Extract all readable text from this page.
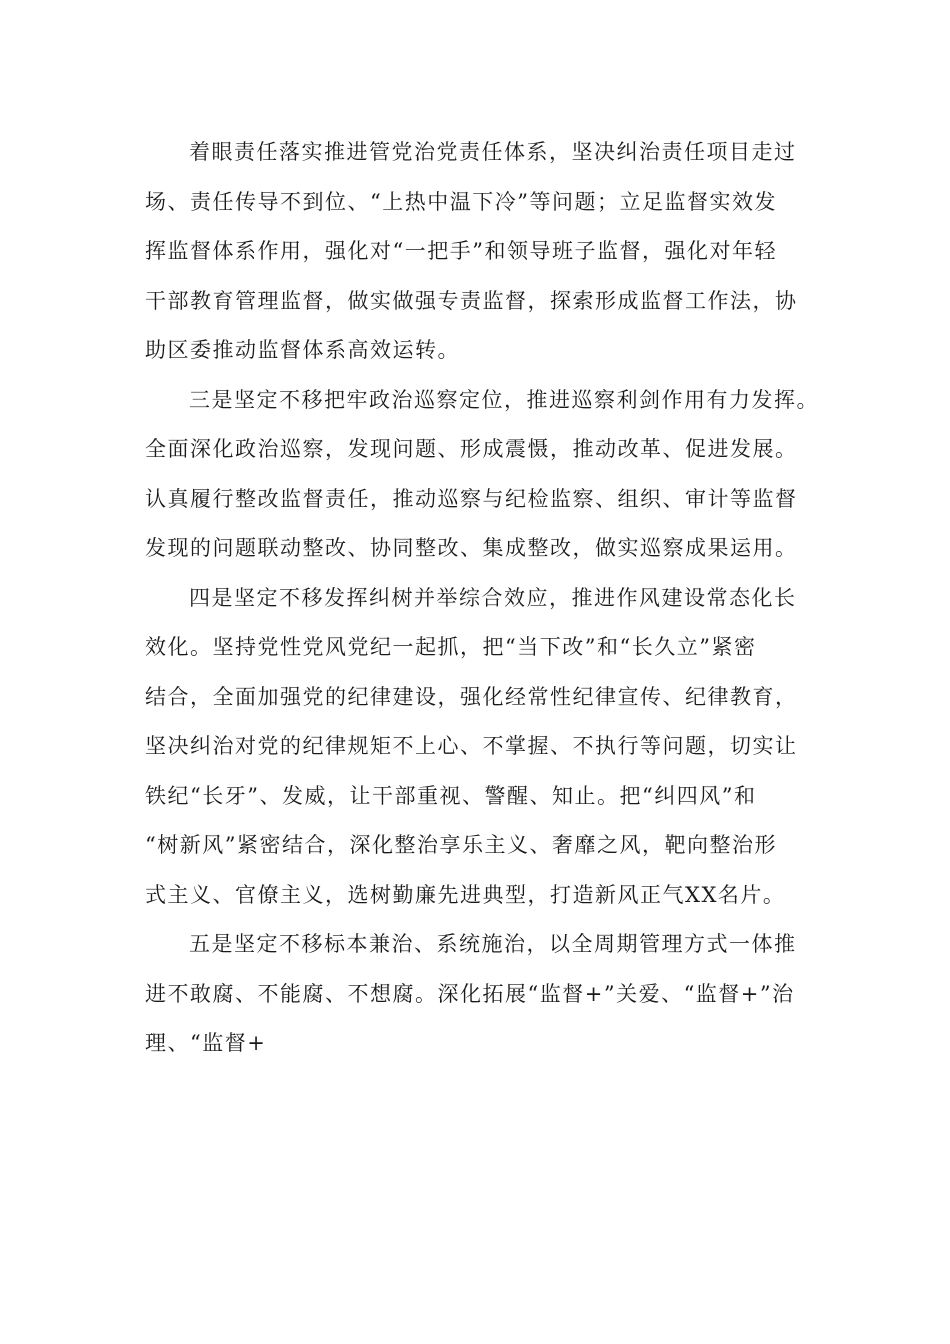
着眼责任落实推进管党治党责任体系，坚决纠治责任项目走过
场、责任传导不到位、“上热中温下冷”等问题；立足监督实效发
挥监督体系作用，强化对“一把手”和领导班子监督，强化对年轻
干部教育管理监督，做实做强专责监督，探索形成监督工作法，协
助区委推动监督体系高效运转。
三是坚定不移把牢政治巡察定位，推进巡察利剑作用有力发挥。
全面深化政治巡察，发现问题、形成震慑，推动改革、促进发展。
认真履行整改监督责任，推动巡察与纪检监察、组织、审计等监督
发现的问题联动整改、协同整改、集成整改，做实巡察成果运用。
四是坚定不移发挥纠树并举综合效应，推进作风建设常态化长
效化。坚持党性党风党纪一起抓，把“当下改”和“长久立”紧密
结合，全面加强党的纪律建设，强化经常性纪律宣传、纪律教育，
坚决纠治对党的纪律规矩不上心、不掌握、不执行等问题，切实让
铁纪“长牙”、发威，让干部重视、警醒、知止。把“纠四风”和
“树新风”紧密结合，深化整治享乐主义、奢靡之风，靶向整治形
式主义、官僚主义，选树勤廉先进典型，打造新风正气XX名片。
五是坚定不移标本兼治、系统施治，以全周期管理方式一体推
进不敢腐、不能腐、不想腐。深化拓展“监督+”关爱、“监督+”治
理、“监督+
